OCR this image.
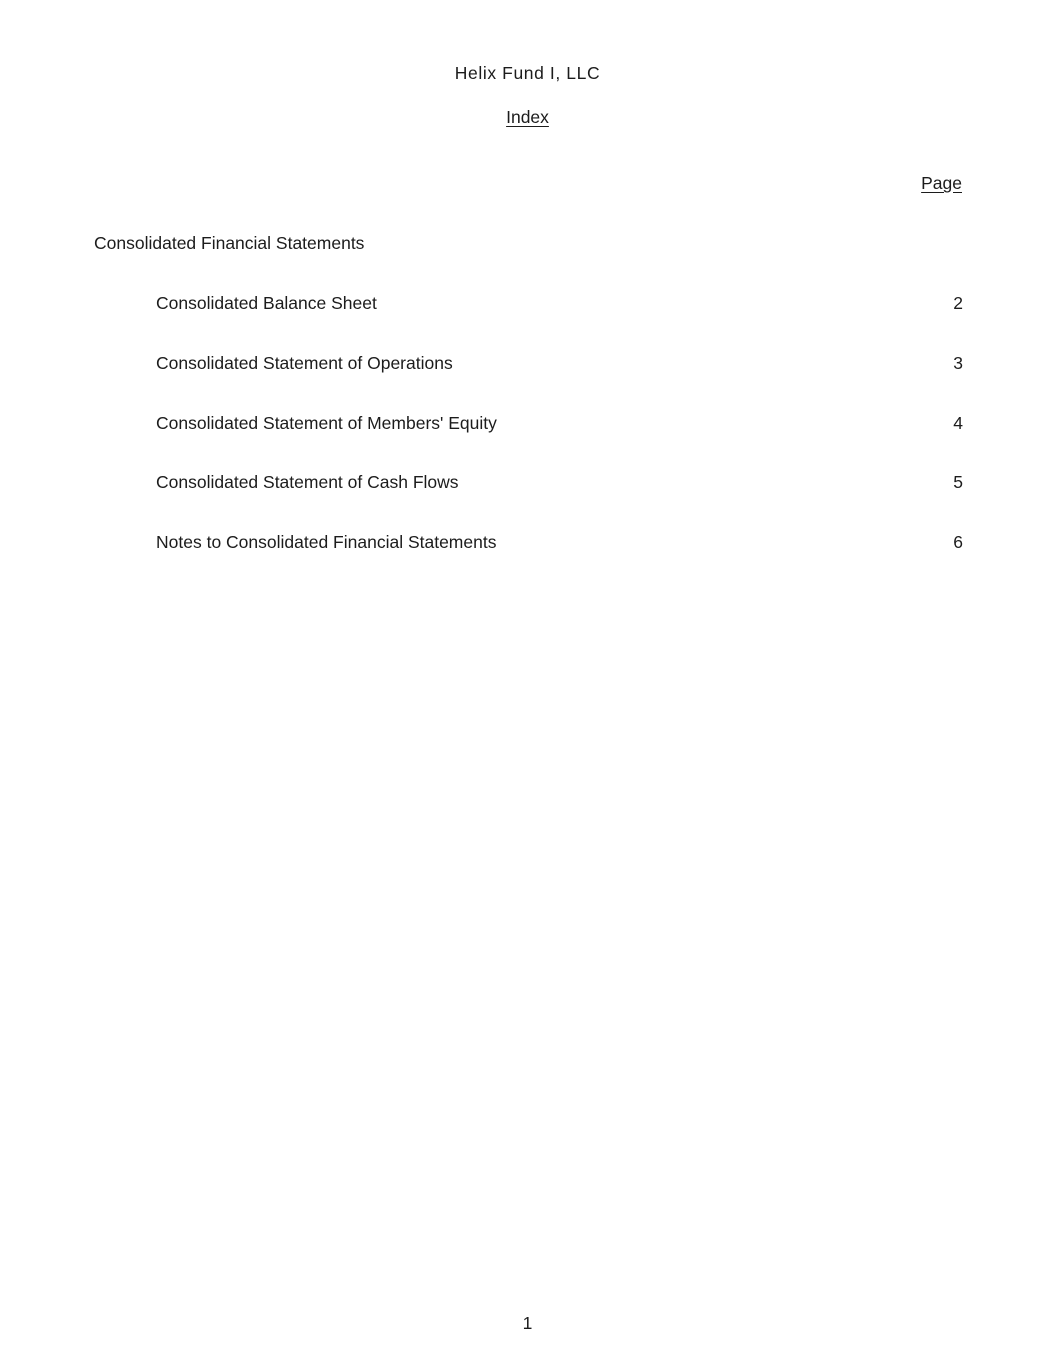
Helix Fund I, LLC
Index
Page
Consolidated Financial Statements
Consolidated Balance Sheet	2
Consolidated Statement of Operations	3
Consolidated Statement of Members' Equity	4
Consolidated Statement of Cash Flows	5
Notes to Consolidated Financial Statements	6
1
